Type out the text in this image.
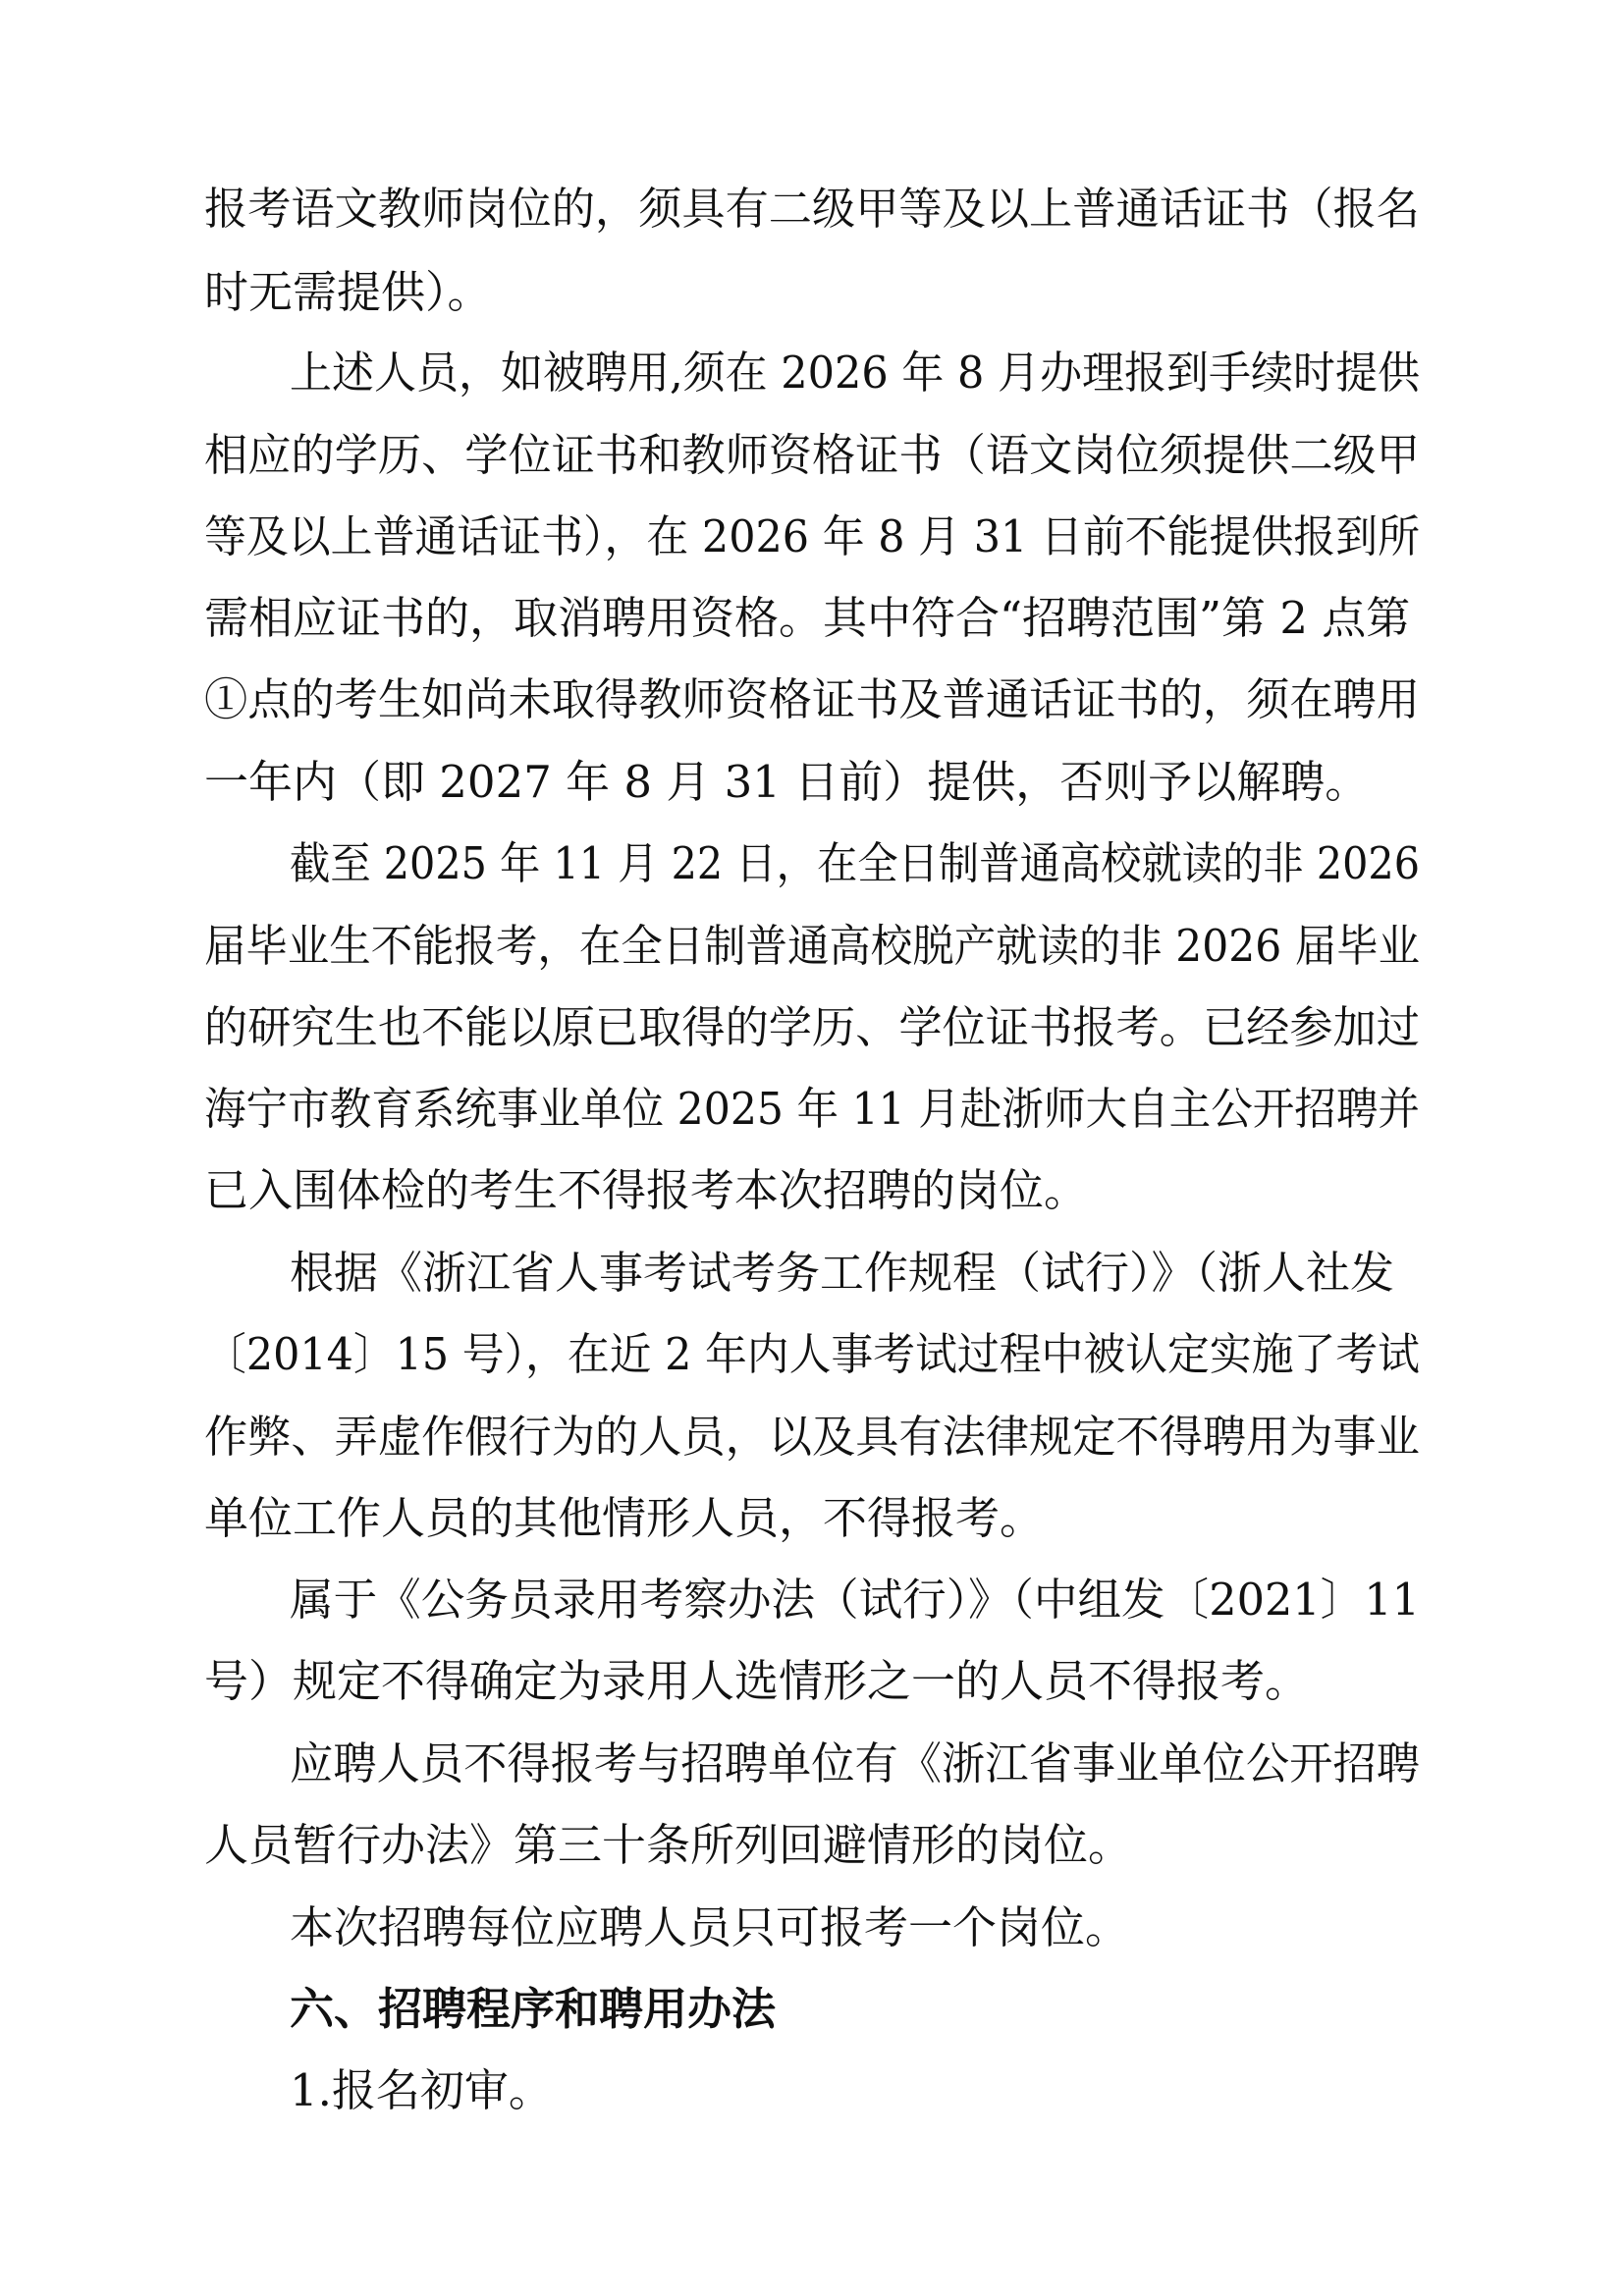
报考语文教师岗位的，须具有二级甲等及以上普通话证书（报名
时无需提供）。
上述人员，如被聘用,须在 2026 年 8 月办理报到手续时提供
相应的学历、学位证书和教师资格证书（语文岗位须提供二级甲
等及以上普通话证书），在 2026 年 8 月 31 日前不能提供报到所
需相应证书的，取消聘用资格。其中符合“招聘范围”第 2 点第
①点的考生如尚未取得教师资格证书及普通话证书的，须在聘用
一年内（即 2027 年 8 月 31 日前）提供，否则予以解聘。
截至 2025 年 11 月 22 日，在全日制普通高校就读的非 2026
届毕业生不能报考，在全日制普通高校脱产就读的非 2026 届毕业
的研究生也不能以原已取得的学历、学位证书报考。已经参加过
海宁市教育系统事业单位 2025 年 11 月赴浙师大自主公开招聘并
已入围体检的考生不得报考本次招聘的岗位。
根据《浙江省人事考试考务工作规程（试行）》（浙人社发
〔2014〕15 号），在近 2 年内人事考试过程中被认定实施了考试
作弊、弄虚作假行为的人员，以及具有法律规定不得聘用为事业
单位工作人员的其他情形人员，不得报考。
属于《公务员录用考察办法（试行）》（中组发〔2021〕11
号）规定不得确定为录用人选情形之一的人员不得报考。
应聘人员不得报考与招聘单位有《浙江省事业单位公开招聘
人员暂行办法》第三十条所列回避情形的岗位。
本次招聘每位应聘人员只可报考一个岗位。
六、招聘程序和聘用办法
1.报名初审。
